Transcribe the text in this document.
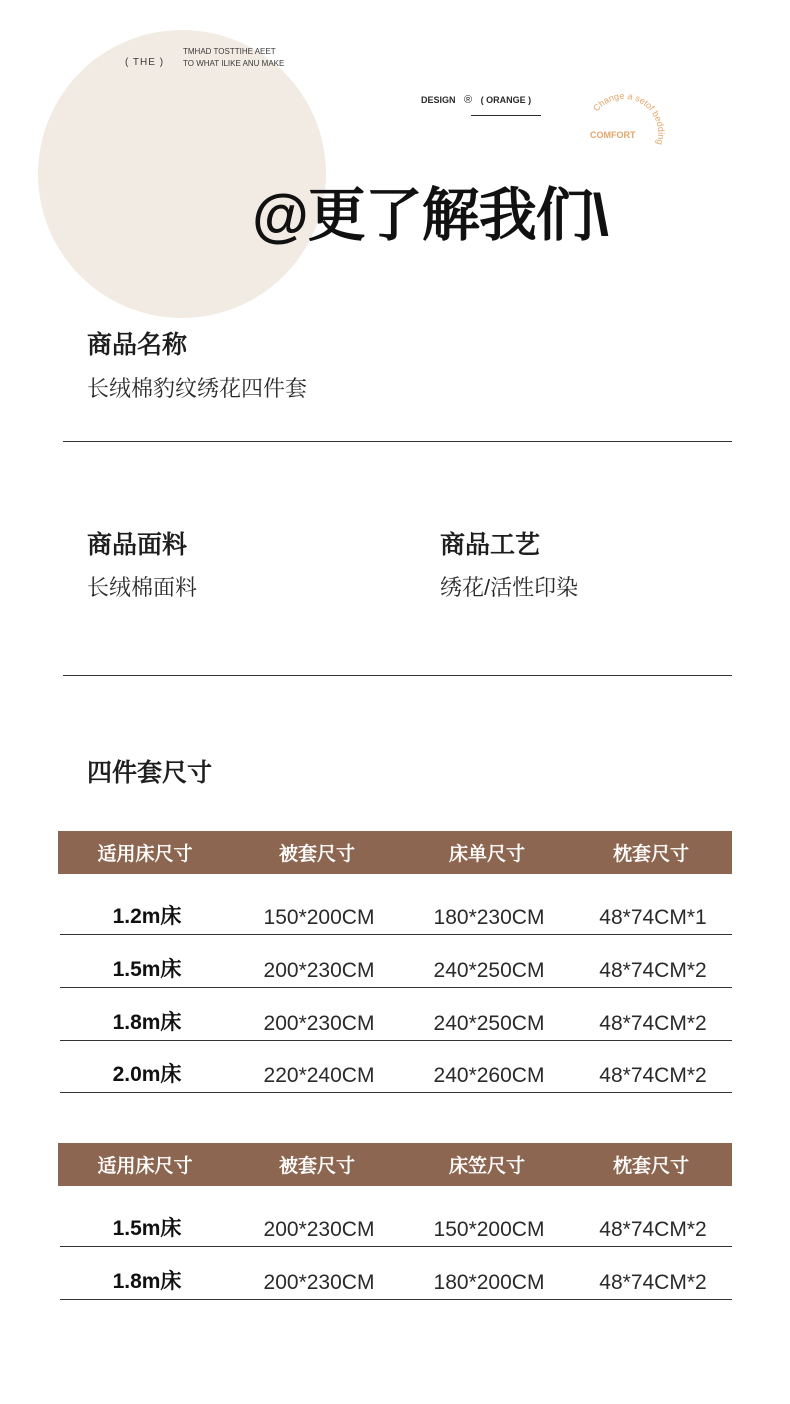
( THE )
TMHAD TOSTTIHE AEET
TO WHAT ILIKE ANU MAKE
DESIGN ® ( ORANGE )
Change a setof bedding
COMFORT
@更了解我们\
商品名称
长绒棉豹纹绣花四件套
商品面料
长绒棉面料
商品工艺
绣花/活性印染
四件套尺寸
适用床尺寸	被套尺寸	床单尺寸	枕套尺寸
1.2m床	150*200CM	180*230CM	48*74CM*1
1.5m床	200*230CM	240*250CM	48*74CM*2
1.8m床	200*230CM	240*250CM	48*74CM*2
2.0m床	220*240CM	240*260CM	48*74CM*2
适用床尺寸	被套尺寸	床笠尺寸	枕套尺寸
1.5m床	200*230CM	150*200CM	48*74CM*2
1.8m床	200*230CM	180*200CM	48*74CM*2
